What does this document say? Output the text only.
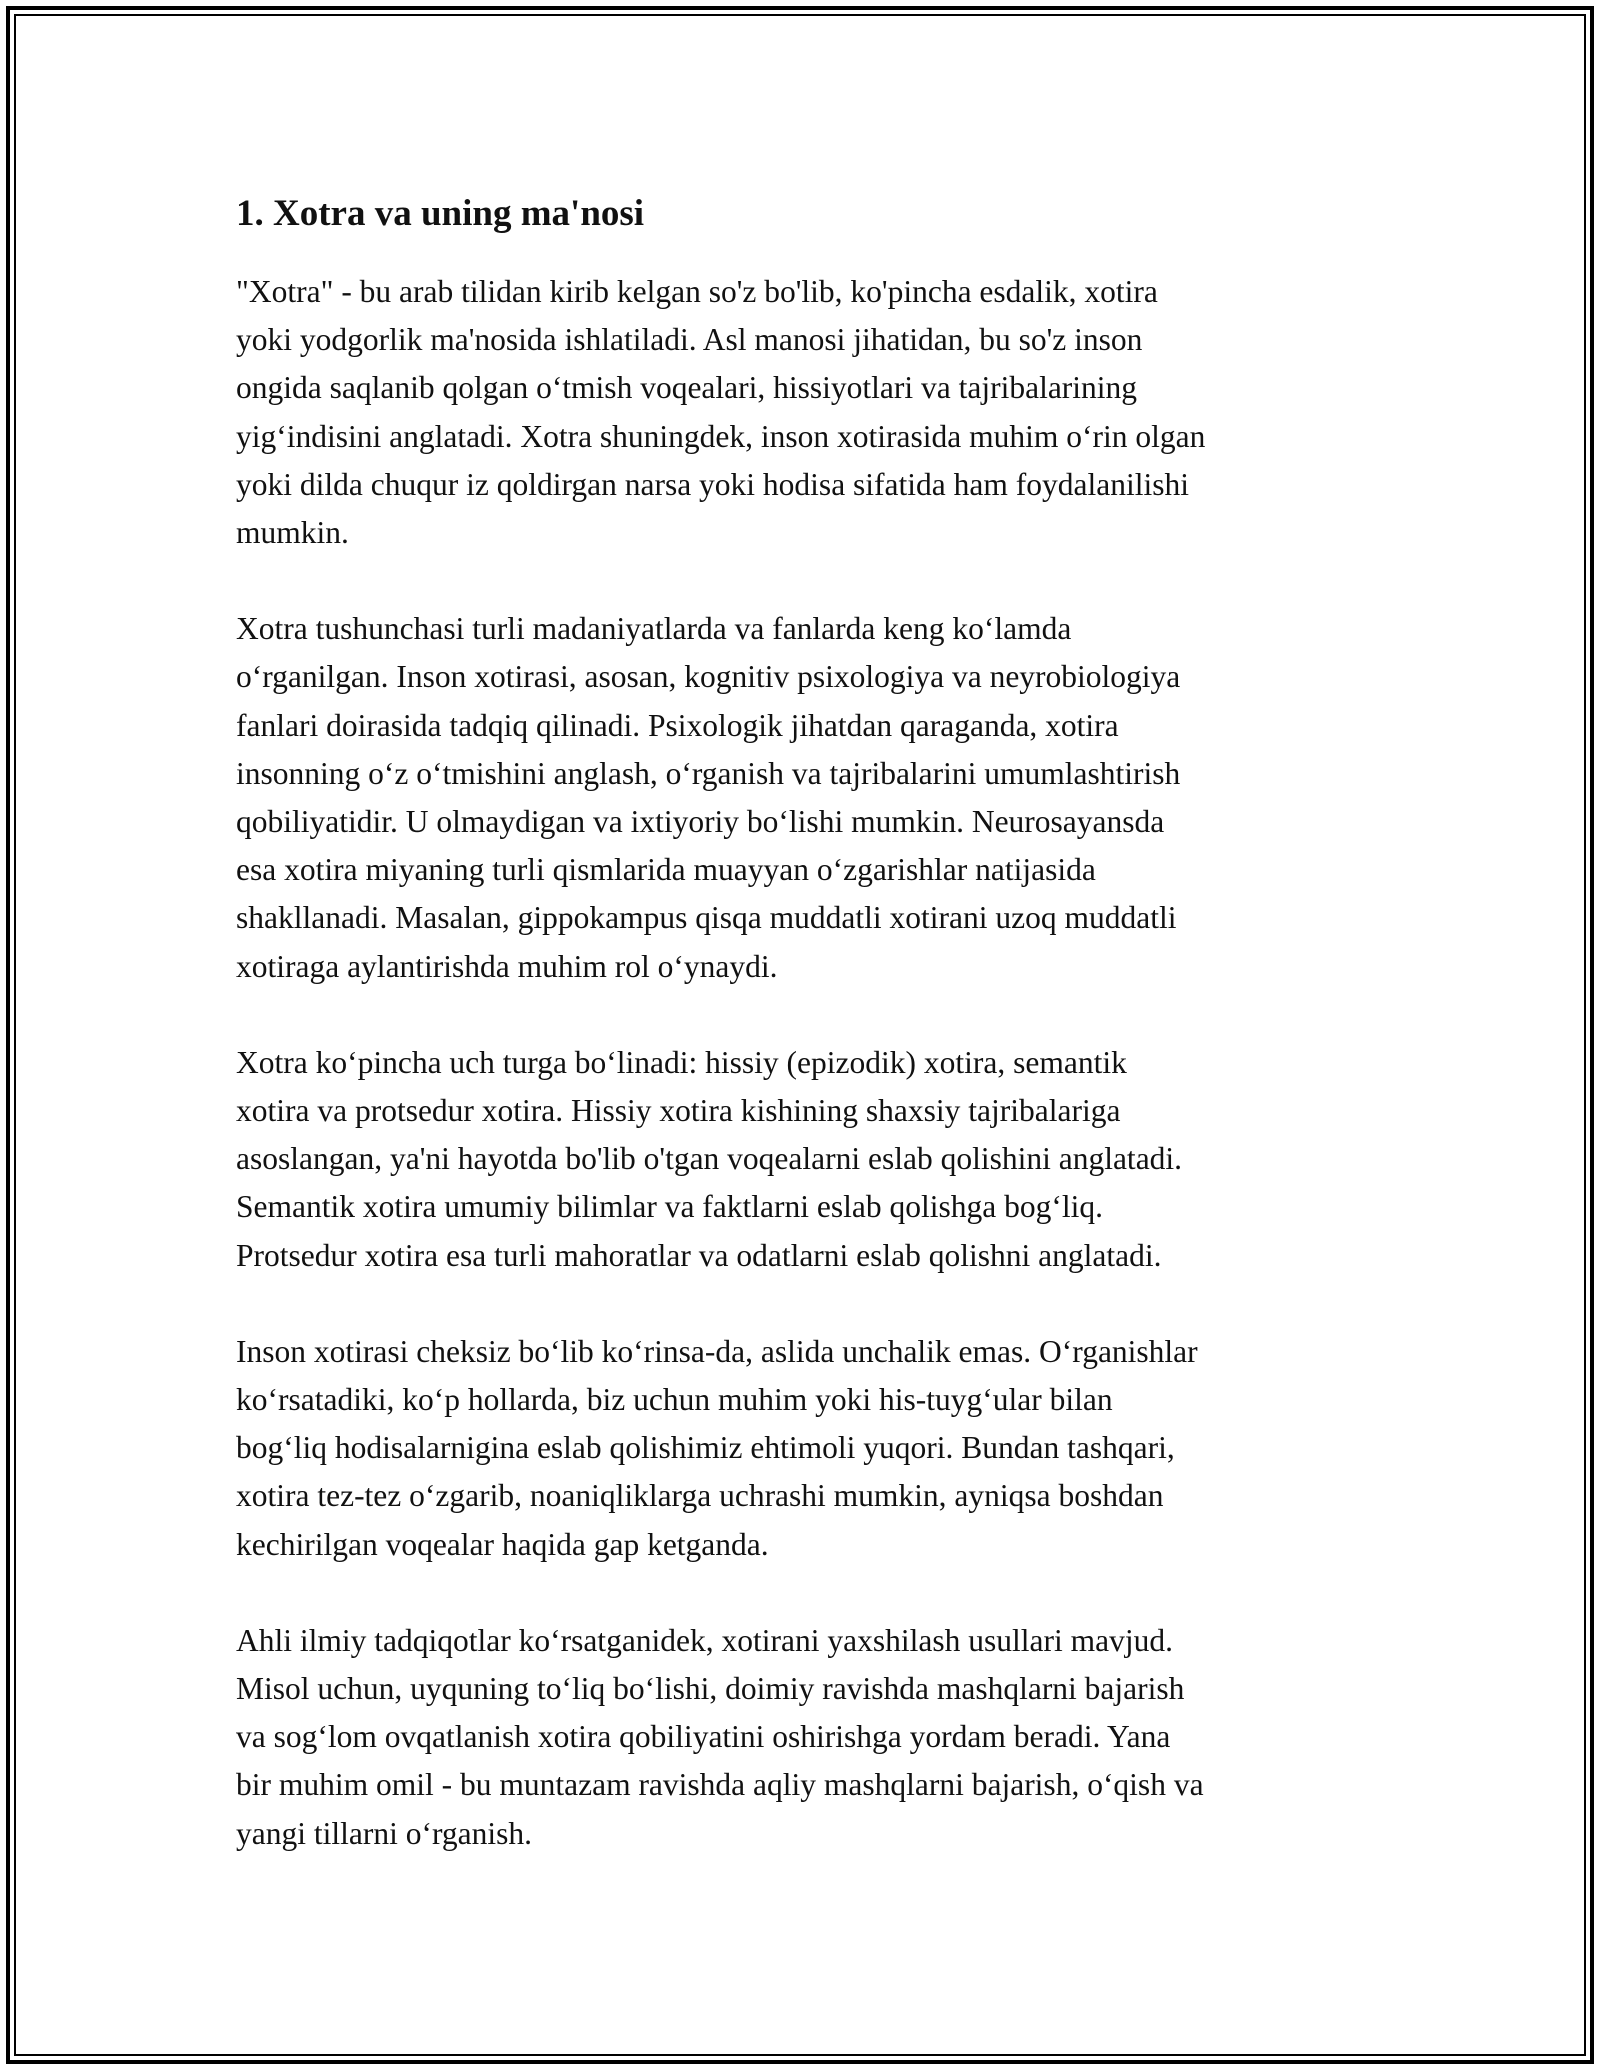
1. Xotra va uning ma'nosi

"Xotra" - bu arab tilidan kirib kelgan so'z bo'lib, ko'pincha esdalik, xotira
yoki yodgorlik ma'nosida ishlatiladi. Asl manosi jihatidan, bu so'z inson
ongida saqlanib qolgan o‘tmish voqealari, hissiyotlari va tajribalarining
yig‘indisini anglatadi. Xotra shuningdek, inson xotirasida muhim o‘rin olgan
yoki dilda chuqur iz qoldirgan narsa yoki hodisa sifatida ham foydalanilishi
mumkin.

Xotra tushunchasi turli madaniyatlarda va fanlarda keng ko‘lamda
o‘rganilgan. Inson xotirasi, asosan, kognitiv psixologiya va neyrobiologiya
fanlari doirasida tadqiq qilinadi. Psixologik jihatdan qaraganda, xotira
insonning o‘z o‘tmishini anglash, o‘rganish va tajribalarini umumlashtirish
qobiliyatidir. U olmaydigan va ixtiyoriy bo‘lishi mumkin. Neurosayansda
esa xotira miyaning turli qismlarida muayyan o‘zgarishlar natijasida
shakllanadi. Masalan, gippokampus qisqa muddatli xotirani uzoq muddatli
xotiraga aylantirishda muhim rol o‘ynaydi.

Xotra ko‘pincha uch turga bo‘linadi: hissiy (epizodik) xotira, semantik
xotira va protsedur xotira. Hissiy xotira kishining shaxsiy tajribalariga
asoslangan, ya'ni hayotda bo'lib o'tgan voqealarni eslab qolishini anglatadi.
Semantik xotira umumiy bilimlar va faktlarni eslab qolishga bog‘liq.
Protsedur xotira esa turli mahoratlar va odatlarni eslab qolishni anglatadi.

Inson xotirasi cheksiz bo‘lib ko‘rinsa-da, aslida unchalik emas. O‘rganishlar
ko‘rsatadiki, ko‘p hollarda, biz uchun muhim yoki his-tuyg‘ular bilan
bog‘liq hodisalarnigina eslab qolishimiz ehtimoli yuqori. Bundan tashqari,
xotira tez-tez o‘zgarib, noaniqliklarga uchrashi mumkin, ayniqsa boshdan
kechirilgan voqealar haqida gap ketganda.

Ahli ilmiy tadqiqotlar ko‘rsatganidek, xotirani yaxshilash usullari mavjud.
Misol uchun, uyquning to‘liq bo‘lishi, doimiy ravishda mashqlarni bajarish
va sog‘lom ovqatlanish xotira qobiliyatini oshirishga yordam beradi. Yana
bir muhim omil - bu muntazam ravishda aqliy mashqlarni bajarish, o‘qish va
yangi tillarni o‘rganish.
